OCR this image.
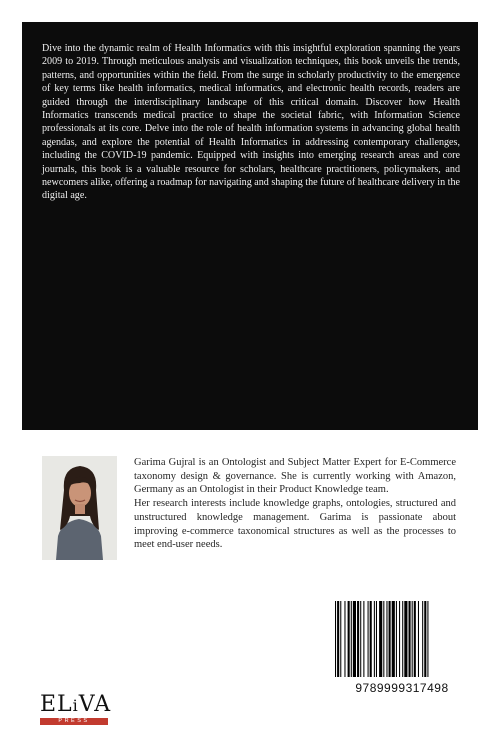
Dive into the dynamic realm of Health Informatics with this insightful exploration spanning the years 2009 to 2019. Through meticulous analysis and visualization techniques, this book unveils the trends, patterns, and opportunities within the field. From the surge in scholarly productivity to the emergence of key terms like health informatics, medical informatics, and electronic health records, readers are guided through the interdisciplinary landscape of this critical domain. Discover how Health Informatics transcends medical practice to shape the societal fabric, with Information Science professionals at its core. Delve into the role of health information systems in advancing global health agendas, and explore the potential of Health Informatics in addressing contemporary challenges, including the COVID-19 pandemic. Equipped with insights into emerging research areas and core journals, this book is a valuable resource for scholars, healthcare practitioners, policymakers, and newcomers alike, offering a roadmap for navigating and shaping the future of healthcare delivery in the digital age.

Garima Gujral is an Ontologist and Subject Matter Expert for E-Commerce taxonomy design & governance. She is currently working with Amazon, Germany as an Ontologist in their Product Knowledge team.

Her research interests include knowledge graphs, ontologies, structured and unstructured knowledge management. Garima is passionate about improving e-commerce taxonomical structures as well as the processes to meet end-user needs.

9789999317498
ELiVA
PRESS
